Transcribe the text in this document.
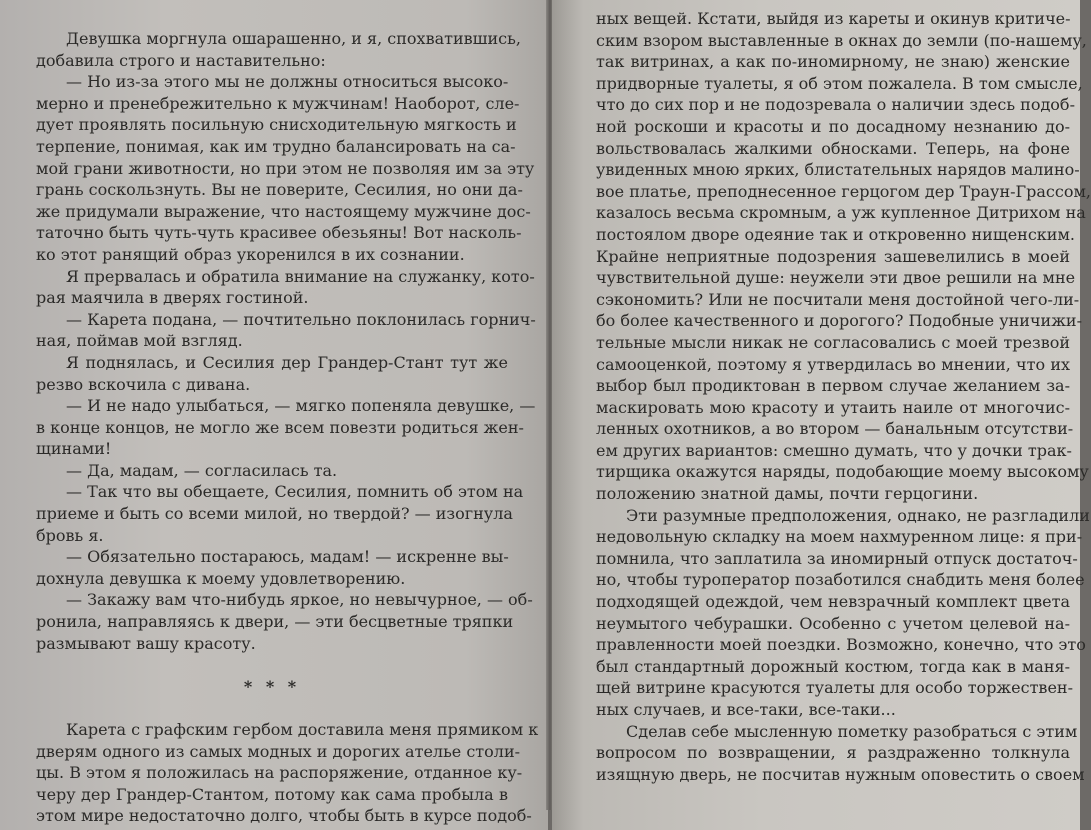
Девушка моргнула ошарашенно, и я, спохватившись,
добавила строго и наставительно:
— Но из-за этого мы не должны относиться высоко-
мерно и пренебрежительно к мужчинам! Наоборот, сле-
дует проявлять посильную снисходительную мягкость и
терпение, понимая, как им трудно балансировать на са-
мой грани животности, но при этом не позволяя им за эту
грань соскользнуть. Вы не поверите, Сесилия, но они да-
же придумали выражение, что настоящему мужчине дос-
таточно быть чуть-чуть красивее обезьяны! Вот насколь-
ко этот ранящий образ укоренился в их сознании.
Я прервалась и обратила внимание на служанку, кото-
рая маячила в дверях гостиной.
— Карета подана, — почтительно поклонилась горнич-
ная, поймав мой взгляд.
Я поднялась, и Сесилия дер Грандер-Стант тут же
резво вскочила с дивана.
— И не надо улыбаться, — мягко попеняла девушке, —
в конце концов, не могло же всем повезти родиться жен-
щинами!
— Да, мадам, — согласилась та.
— Так что вы обещаете, Сесилия, помнить об этом на
приеме и быть со всеми милой, но твердой? — изогнула
бровь я.
— Обязательно постараюсь, мадам! — искренне вы-
дохнула девушка к моему удовлетворению.
— Закажу вам что-нибудь яркое, но невычурное, — об-
ронила, направляясь к двери, — эти бесцветные тряпки
размывают вашу красоту.
* * *
Карета с графским гербом доставила меня прямиком к
дверям одного из самых модных и дорогих ателье столи-
цы. В этом я положилась на распоряжение, отданное ку-
черу дер Грандер-Стантом, потому как сама пробыла в
этом мире недостаточно долго, чтобы быть в курсе подоб-
ных вещей. Кстати, выйдя из кареты и окинув критиче-
ским взором выставленные в окнах до земли (по-нашему,
так витринах, а как по-иномирному, не знаю) женские
придворные туалеты, я об этом пожалела. В том смысле,
что до сих пор и не подозревала о наличии здесь подоб-
ной роскоши и красоты и по досадному незнанию до-
вольствовалась жалкими обносками. Теперь, на фоне
увиденных мною ярких, блистательных нарядов малино-
вое платье, преподнесенное герцогом дер Траун-Грассом,
казалось весьма скромным, а уж купленное Дитрихом на
постоялом дворе одеяние так и откровенно нищенским.
Крайне неприятные подозрения зашевелились в моей
чувствительной душе: неужели эти двое решили на мне
сэкономить? Или не посчитали меня достойной чего-ли-
бо более качественного и дорогого? Подобные уничижи-
тельные мысли никак не согласовались с моей трезвой
самооценкой, поэтому я утвердилась во мнении, что их
выбор был продиктован в первом случае желанием за-
маскировать мою красоту и утаить наиле от многочис-
ленных охотников, а во втором — банальным отсутстви-
ем других вариантов: смешно думать, что у дочки трак-
тирщика окажутся наряды, подобающие моему высокому
положению знатной дамы, почти герцогини.
Эти разумные предположения, однако, не разгладили
недовольную складку на моем нахмуренном лице: я при-
помнила, что заплатила за иномирный отпуск достаточ-
но, чтобы туроператор позаботился снабдить меня более
подходящей одеждой, чем невзрачный комплект цвета
неумытого чебурашки. Особенно с учетом целевой на-
правленности моей поездки. Возможно, конечно, что это
был стандартный дорожный костюм, тогда как в маня-
щей витрине красуются туалеты для особо торжествен-
ных случаев, и все-таки, все-таки...
Сделав себе мысленную пометку разобраться с этим
вопросом по возвращении, я раздраженно толкнула
изящную дверь, не посчитав нужным оповестить о своем
